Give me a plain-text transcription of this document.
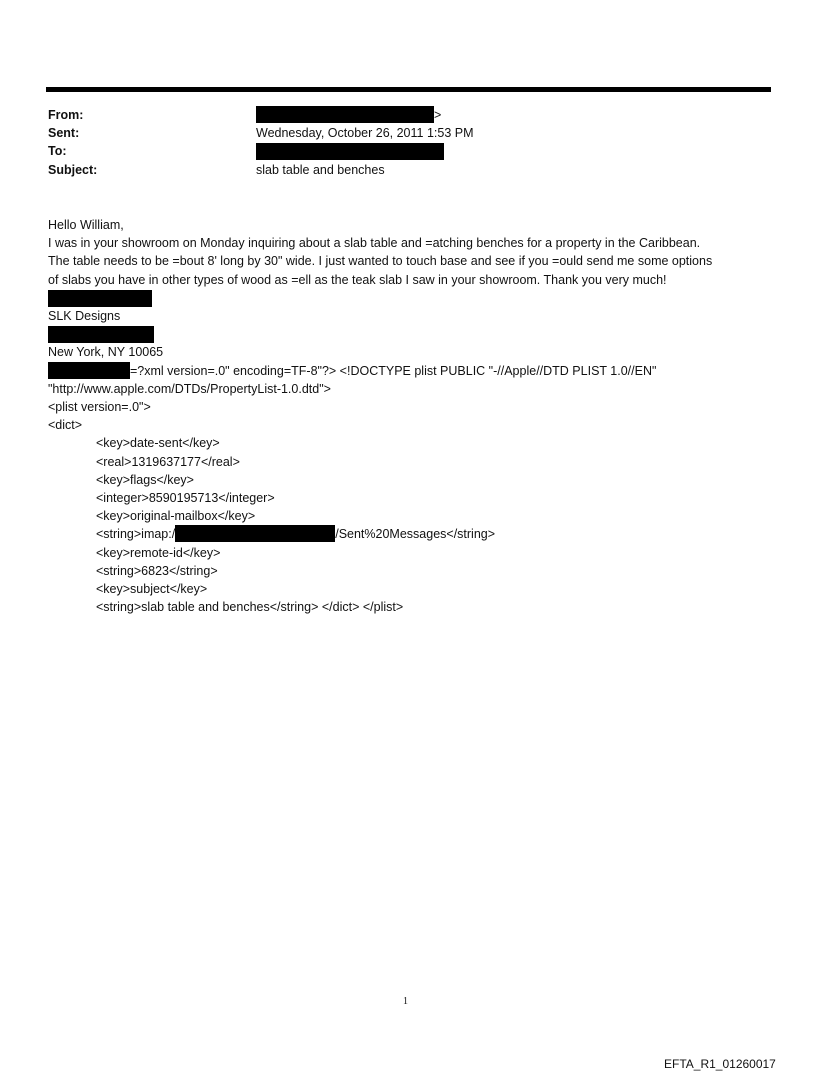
From:	>
Sent:	Wednesday, October 26, 2011 1:53 PM
To:
Subject:	slab table and benches

Hello William,

I was in your showroom on Monday inquiring about a slab table and =atching benches for a property in the Caribbean.

The table needs to be =bout 8' long by 30" wide. I just wanted to touch base and see if you =ould send me some options

of slabs you have in other types of wood as =ell as the teak slab I saw in your showroom. Thank you very much!

SLK Designs

New York, NY 10065

=?xml version=.0" encoding=TF-8"?> <!DOCTYPE plist PUBLIC "-//Apple//DTD PLIST 1.0//EN"

"http://www.apple.com/DTDs/PropertyList-1.0.dtd">

<plist version=.0">

<dict>

<key>date-sent</key>

<real>1319637177</real>

<key>flags</key>

<integer>8590195713</integer>

<key>original-mailbox</key>

<string>imap:/	/Sent%20Messages</string>

<key>remote-id</key>

<string>6823</string>

<key>subject</key>

<string>slab table and benches</string> </dict> </plist>

1
EFTA_R1_01260017
